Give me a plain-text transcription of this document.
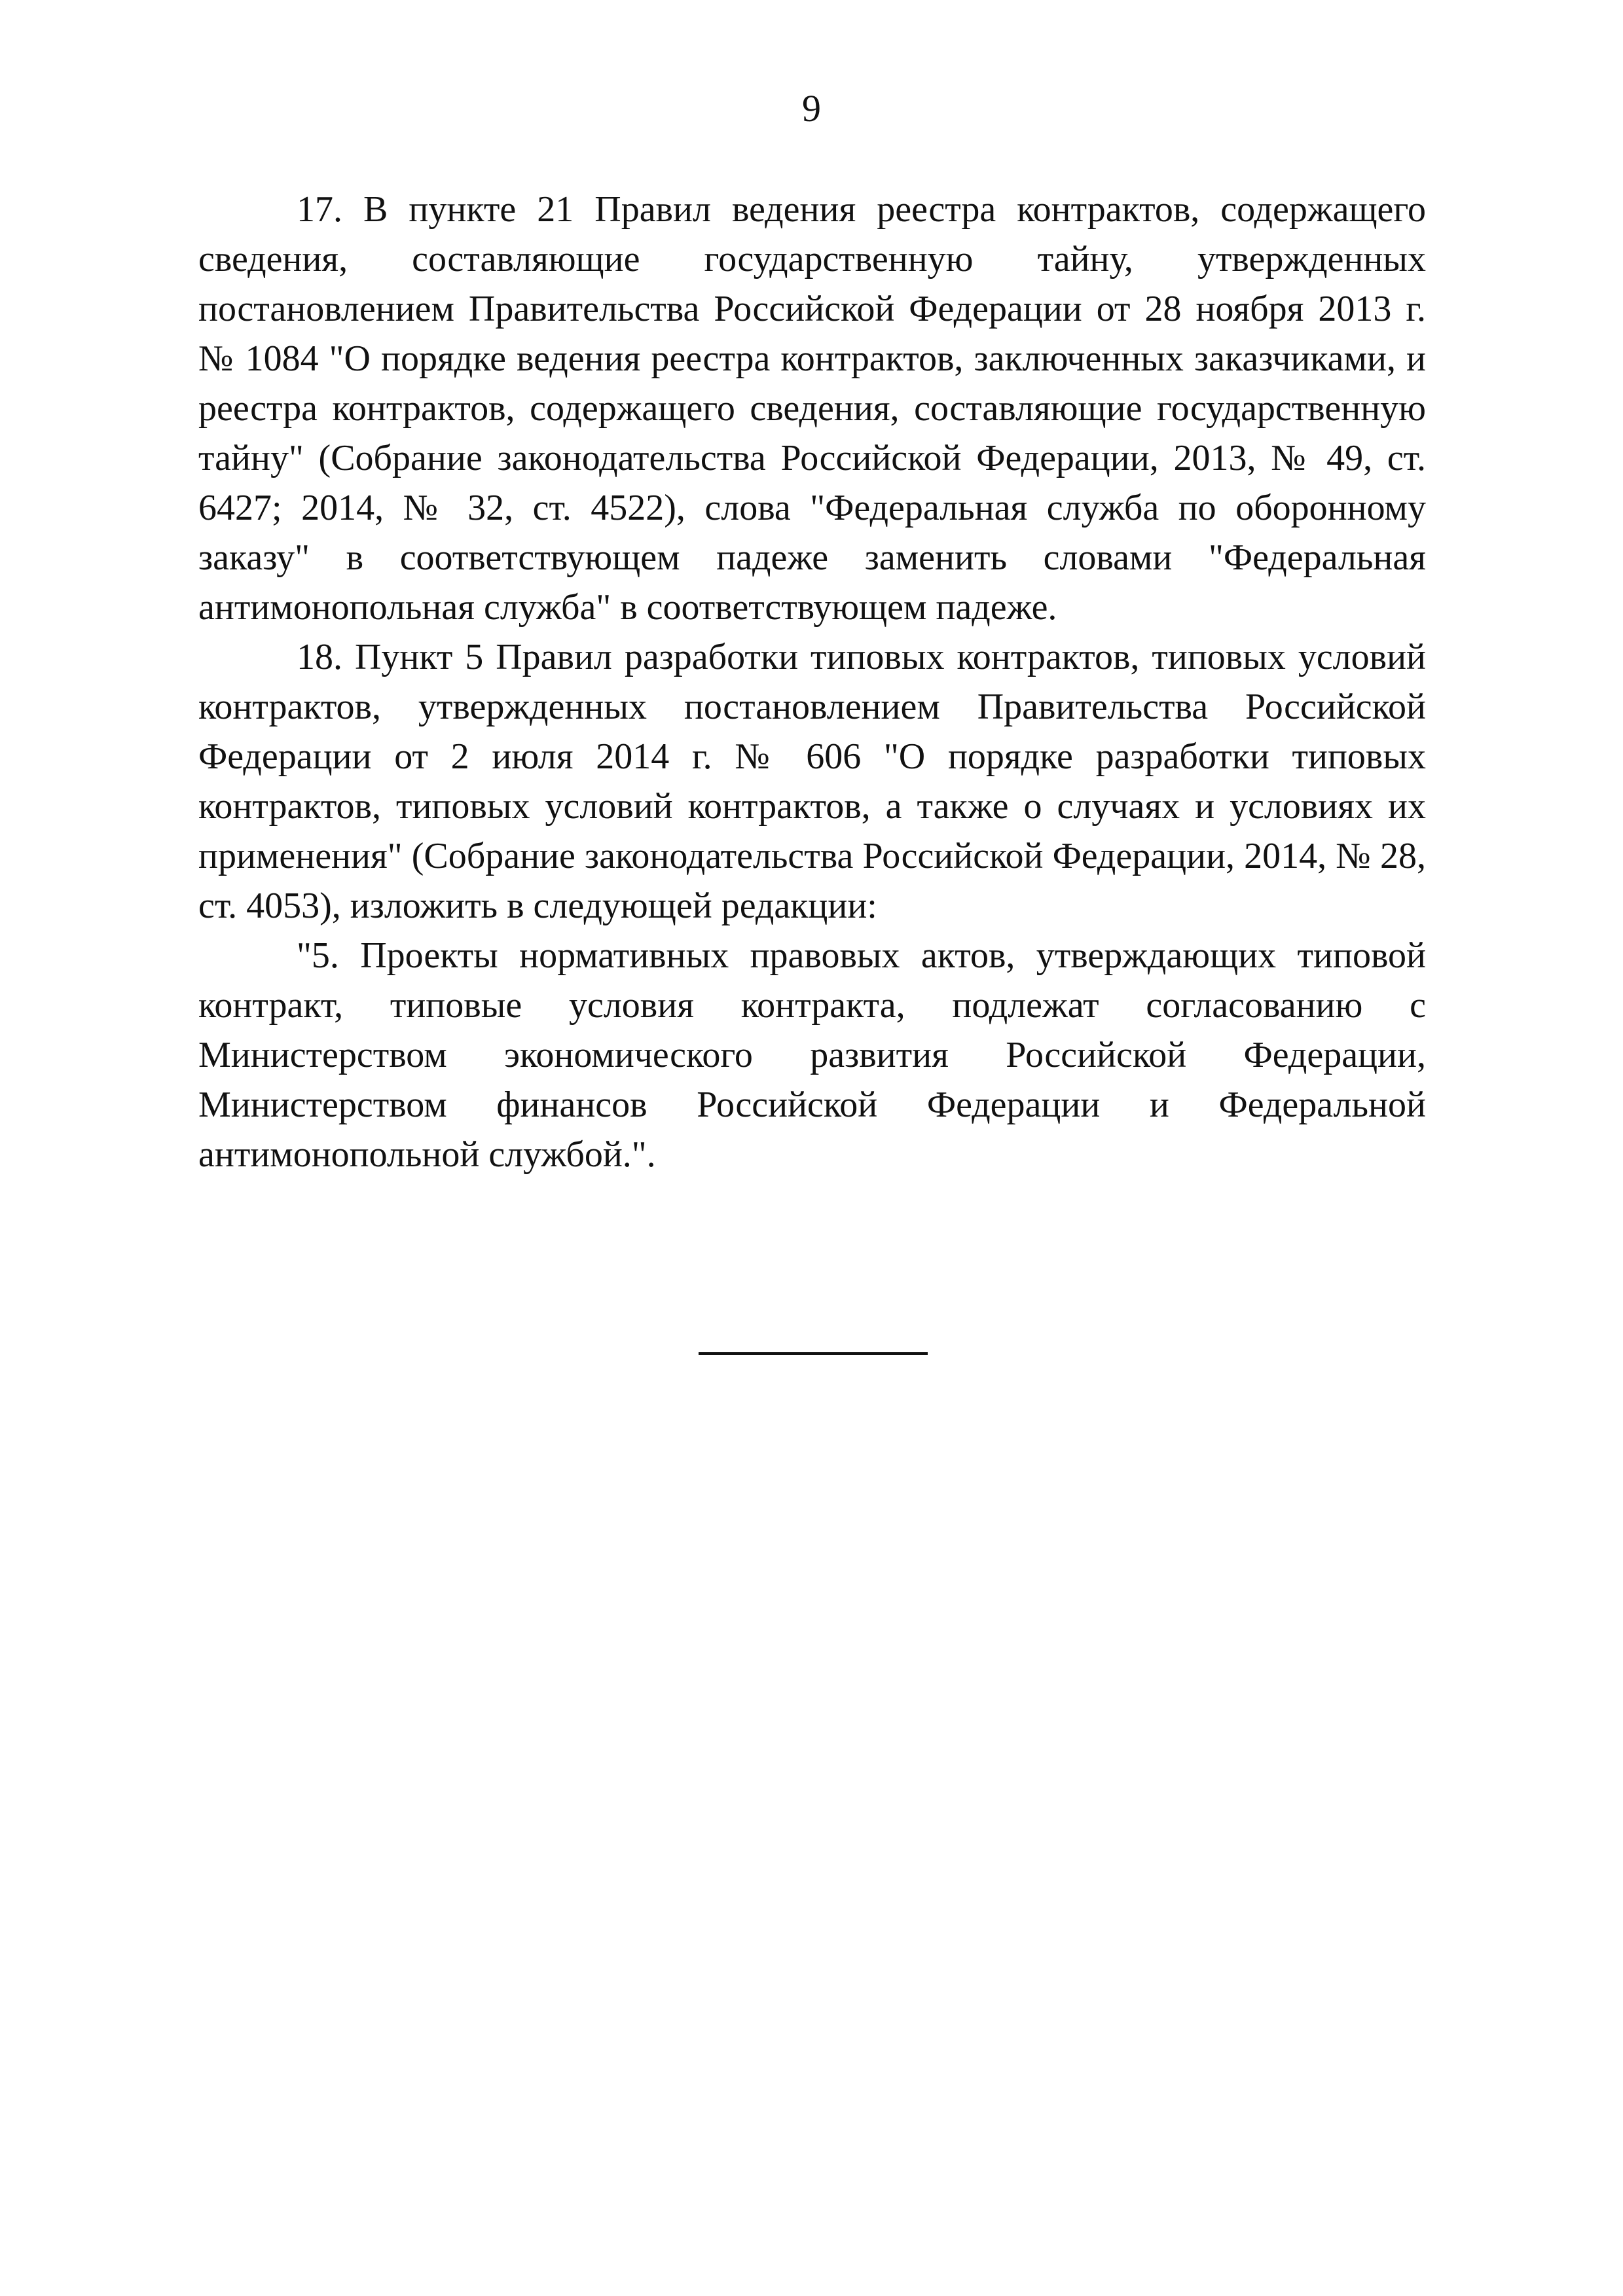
9

17. В пункте 21 Правил ведения реестра контрактов, содержащего сведения, составляющие государственную тайну, утвержденных постановлением Правительства Российской Федерации от 28 ноября 2013 г. № 1084 "О порядке ведения реестра контрактов, заключенных заказчиками, и реестра контрактов, содержащего сведения, составляющие государственную тайну" (Собрание законодательства Российской Федерации, 2013, № 49, ст. 6427; 2014, № 32, ст. 4522), слова "Федеральная служба по оборонному заказу" в соответствующем падеже заменить словами "Федеральная антимонопольная служба" в соответствующем падеже.

18. Пункт 5 Правил разработки типовых контрактов, типовых условий контрактов, утвержденных постановлением Правительства Российской Федерации от 2 июля 2014 г. № 606 "О порядке разработки типовых контрактов, типовых условий контрактов, а также о случаях и условиях их применения" (Собрание законодательства Российской Федерации, 2014, № 28, ст. 4053), изложить в следующей редакции:

"5. Проекты нормативных правовых актов, утверждающих типовой контракт, типовые условия контракта, подлежат согласованию с Министерством экономического развития Российской Федерации, Министерством финансов Российской Федерации и Федеральной антимонопольной службой.".
